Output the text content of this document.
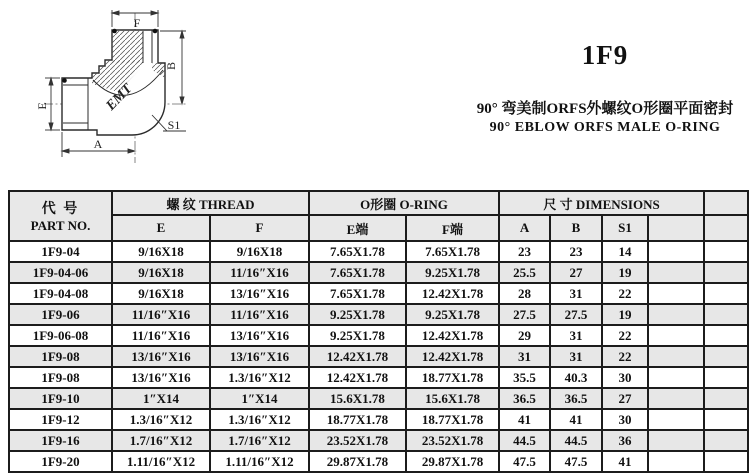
EMT
F
B
E
A
S1
1F9
90° 弯美制ORFS外螺纹O形圈平面密封
90° EBLOW ORFS MALE O-RING
代 号
PART NO.	螺 纹 THREAD		O形圈 O-RING		尺 寸 DIMENSIONS				
	E	F	E端	F端	A	B	S1		
1F9-04	9/16X18	9/16X18	7.65X1.78	7.65X1.78	23	23	14		
1F9-04-06	9/16X18	11/16″X16	7.65X1.78	9.25X1.78	25.5	27	19		
1F9-04-08	9/16X18	13/16″X16	7.65X1.78	12.42X1.78	28	31	22		
1F9-06	11/16″X16	11/16″X16	9.25X1.78	9.25X1.78	27.5	27.5	19		
1F9-06-08	11/16″X16	13/16″X16	9.25X1.78	12.42X1.78	29	31	22		
1F9-08	13/16″X16	13/16″X16	12.42X1.78	12.42X1.78	31	31	22		
1F9-08	13/16″X16	1.3/16″X12	12.42X1.78	18.77X1.78	35.5	40.3	30		
1F9-10	1″X14	1″X14	15.6X1.78	15.6X1.78	36.5	36.5	27		
1F9-12	1.3/16″X12	1.3/16″X12	18.77X1.78	18.77X1.78	41	41	30		
1F9-16	1.7/16″X12	1.7/16″X12	23.52X1.78	23.52X1.78	44.5	44.5	36		
1F9-20	1.11/16″X12	1.11/16″X12	29.87X1.78	29.87X1.78	47.5	47.5	41		
